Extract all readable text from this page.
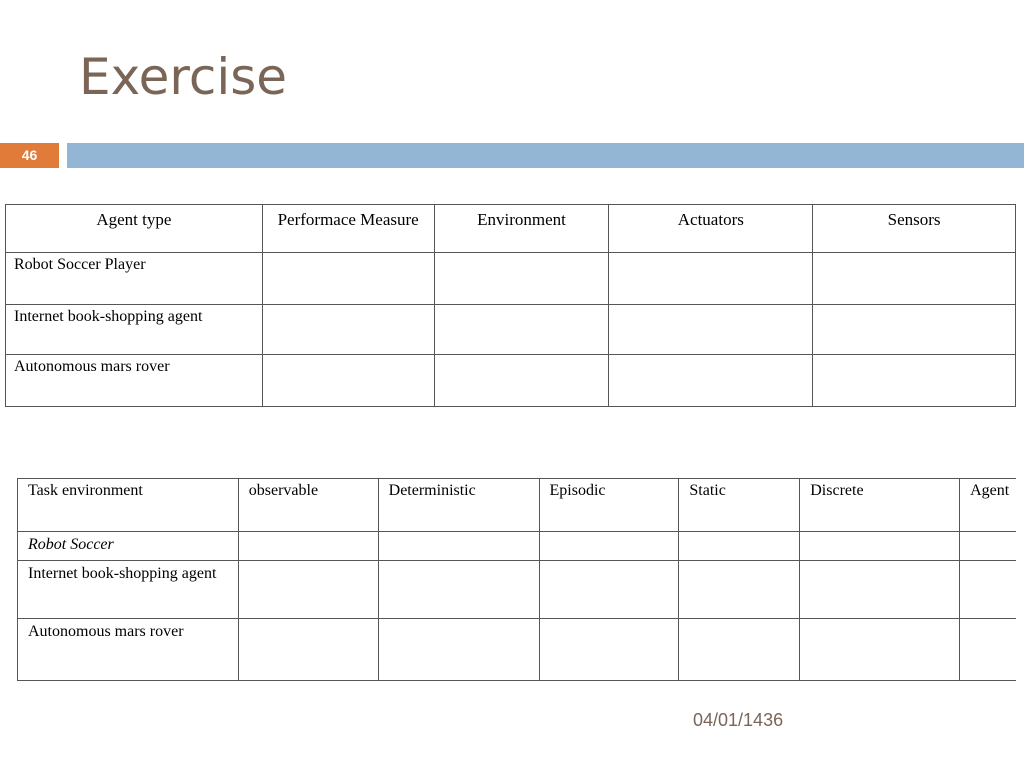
Exercise
46
Agent type	Performace Measure	Environment	Actuators	Sensors
Robot Soccer Player				
Internet book-shopping agent				
Autonomous mars rover				
Task environment	observable	Deterministic	Episodic	Static	Discrete	Agent
Robot Soccer						
Internet book-shopping agent						
Autonomous mars rover						
04/01/1436
